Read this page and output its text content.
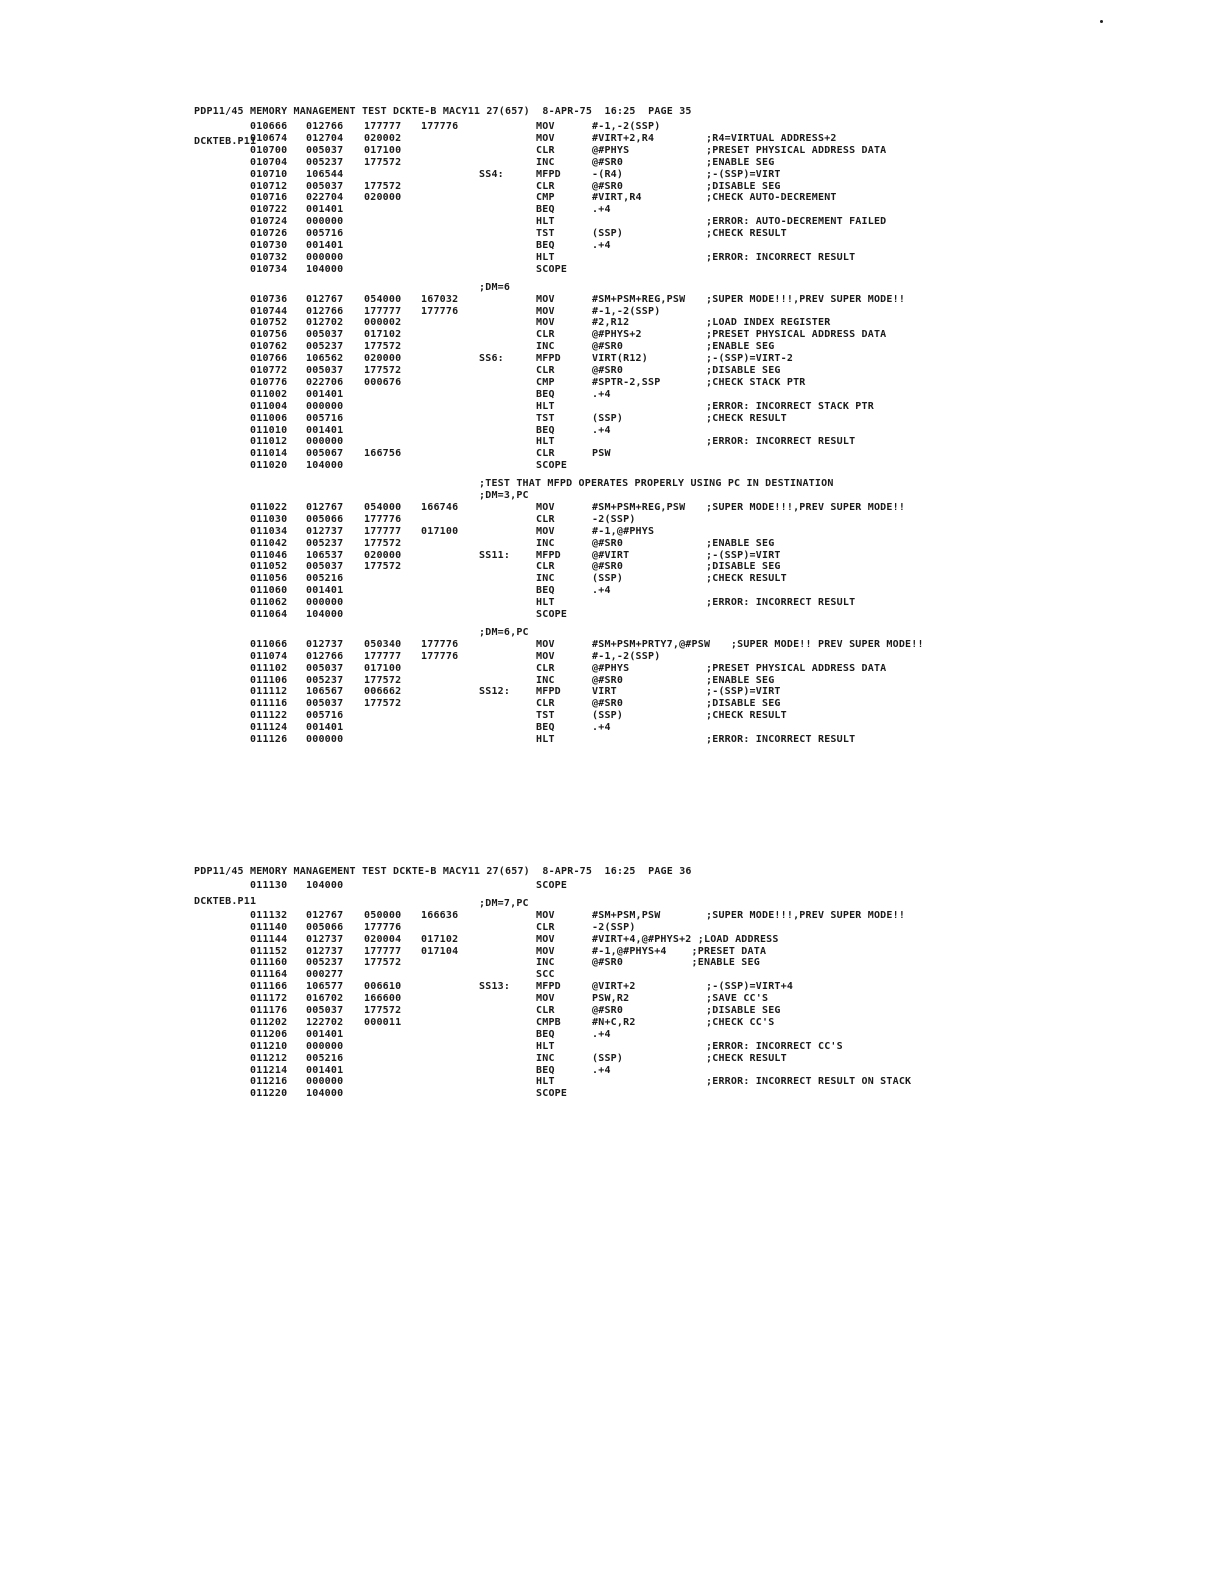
PDP11/45 MEMORY MANAGEMENT TEST DCKTE-B MACY11 27(657)  8-APR-75  16:25  PAGE 35

DCKTEB.P11

010666 012766 177777 177776	MOV	#-1,-2(SSP)
010674 012704 020002	MOV	#VIRT+2,R4	;R4=VIRTUAL ADDRESS+2
010700 005037 017100	CLR	@#PHYS	;PRESET PHYSICAL ADDRESS DATA
010704 005237 177572	INC	@#SR0	;ENABLE SEG
010710 106544	SS4:	MFPD	-(R4)	;-(SSP)=VIRT
010712 005037 177572	CLR	@#SR0	;DISABLE SEG
010716 022704 020000	CMP	#VIRT,R4	;CHECK AUTO-DECREMENT
010722 001401	BEQ	.+4
010724 000000	HLT	;ERROR: AUTO-DECREMENT FAILED
010726 005716	TST	(SSP)	;CHECK RESULT
010730 001401	BEQ	.+4
010732 000000	HLT	;ERROR: INCORRECT RESULT
010734 104000	SCOPE
;DM=6
010736 012767 054000 167032	MOV	#SM+PSM+REG,PSW ;SUPER MODE!!!,PREV SUPER MODE!!
010744 012766 177777 177776	MOV	#-1,-2(SSP)
010752 012702 000002	MOV	#2,R12	;LOAD INDEX REGISTER
010756 005037 017102	CLR	@#PHYS+2	;PRESET PHYSICAL ADDRESS DATA
010762 005237 177572	INC	@#SR0	;ENABLE SEG
010766 106562 020000	SS6:	MFPD	VIRT(R12)	;-(SSP)=VIRT-2
010772 005037 177572	CLR	@#SR0	;DISABLE SEG
010776 022706 000676	CMP	#SPTR-2,SSP	;CHECK STACK PTR
011002 001401	BEQ	.+4
011004 000000	HLT	;ERROR: INCORRECT STACK PTR
011006 005716	TST	(SSP)	;CHECK RESULT
011010 001401	BEQ	.+4
011012 000000	HLT	;ERROR: INCORRECT RESULT
011014 005067 166756	CLR	PSW
011020 104000	SCOPE
;TEST THAT MFPD OPERATES PROPERLY USING PC IN DESTINATION
;DM=3,PC
011022 012767 054000 166746	MOV	#SM+PSM+REG,PSW ;SUPER MODE!!!,PREV SUPER MODE!!
011030 005066 177776	CLR	-2(SSP)
011034 012737 177777 017100	MOV	#-1,@#PHYS
011042 005237 177572	INC	@#SR0	;ENABLE SEG
011046 106537 020000	SS11:	MFPD	@#VIRT	;-(SSP)=VIRT
011052 005037 177572	CLR	@#SR0	;DISABLE SEG
011056 005216	INC	(SSP)	;CHECK RESULT
011060 001401	BEQ	.+4
011062 000000	HLT	;ERROR: INCORRECT RESULT
011064 104000	SCOPE
;DM=6,PC
011066 012737 050340 177776	MOV	#SM+PSM+PRTY7,@#PSW
;SUPER MODE!! PREV SUPER MODE!!
011074 012766 177777 177776	MOV	#-1,-2(SSP)
011102 005037 017100	CLR	@#PHYS	;PRESET PHYSICAL ADDRESS DATA
011106 005237 177572	INC	@#SR0	;ENABLE SEG
011112 106567 006662	SS12:	MFPD	VIRT	;-(SSP)=VIRT
011116 005037 177572	CLR	@#SR0	;DISABLE SEG
011122 005716	TST	(SSP)	;CHECK RESULT
011124 001401	BEQ	.+4
011126 000000	HLT	;ERROR: INCORRECT RESULT

PDP11/45 MEMORY MANAGEMENT TEST DCKTE-B MACY11 27(657)  8-APR-75  16:25  PAGE 36

DCKTEB.P11

011130 104000	SCOPE
;DM=7,PC
011132 012767 050000 166636	MOV	#SM+PSM,PSW	;SUPER MODE!!!,PREV SUPER MODE!!
011140 005066 177776	CLR	-2(SSP)
011144 012737 020004 017102	MOV	#VIRT+4,@#PHYS+2 ;LOAD ADDRESS
011152 012737 177777 017104	MOV	#-1,@#PHYS+4    ;PRESET DATA
011160 005237 177572	INC	@#SR0           ;ENABLE SEG
011164 000277	SCC
011166 106577 006610	SS13:	MFPD	@VIRT+2	;-(SSP)=VIRT+4
011172 016702 166600	MOV	PSW,R2	;SAVE CC'S
011176 005037 177572	CLR	@#SR0	;DISABLE SEG
011202 122702 000011	CMPB	#N+C,R2	;CHECK CC'S
011206 001401	BEQ	.+4
011210 000000	HLT	;ERROR: INCORRECT CC'S
011212 005216	INC	(SSP)	;CHECK RESULT
011214 001401	BEQ	.+4
011216 000000	HLT	;ERROR: INCORRECT RESULT ON STACK
011220 104000	SCOPE
